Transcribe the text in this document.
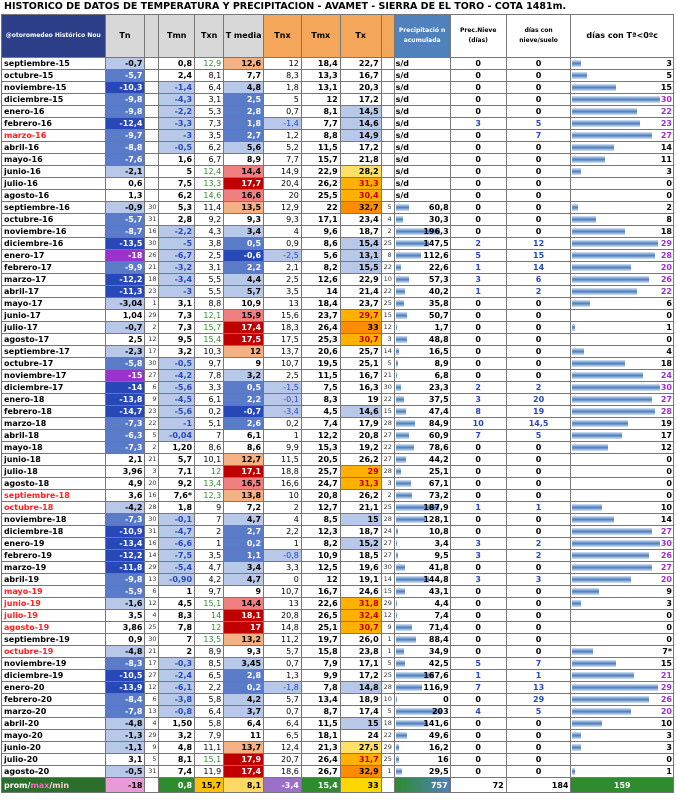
HISTORICO DE DATOS DE TEMPERATURA Y PRECIPITACION - AVAMET - SIERRA DE EL TORO - COTA 1481m.
@otoromedeo Histórico Nou	Tn		Tmn	Txn	T media	Tnx	Tmx	Tx		Precipitació n acumulada	Prec.Nieve (días)	días con nieve/suelo	días con Tª<0ºc
septiembre-15	-0,7		0,8	12,9	12,6	12	18,4	22,7		s/d	0	0	3
octubre-15	-5,7		2,4	8,1	7,7	8,3	13,3	16,7		s/d	0	0	5
noviembre-15	-10,3		-1,4	6,4	4,8	1,8	13,1	20,3		s/d	0	0	15
diciembre-15	-9,8		-4,3	3,1	2,5	5	12	17,2		s/d	0	0	30
enero-16	-9,8		-2,2	5,3	2,8	0,7	8,1	14,5		s/d	0	0	22
febrero-16	-12,4		-3,3	7,3	1,8	-1,4	7,7	14,6		s/d	3	5	23
marzo-16	-9,7		-3	3,5	2,7	1,2	8,8	14,9		s/d	0	7	27
abril-16	-8,8		-0,5	6,2	5,6	5,2	11,5	17,2		s/d	0	0	14
mayo-16	-7,6		1,6	6,7	8,9	7,7	15,7	21,8		s/d	0	0	11
junio-16	-2,1		5	12,4	14,4	14,9	22,9	28,2		s/d	0	0	3
julio-16	0,6		7,5	13,3	17,7	20,4	26,2	31,3		s/d	0	0	0
agosto-16	1,3		6,2	14,6	16,6	20	25,5	30,4		s/d	0	0	0
septiembre-16	-0,9	30	5,3	11,4	13,5	12,9	22	32,7	5	60,8	0	0	2
octubre-16	-5,7	31	2,8	9,2	9,3	9,3	17,1	23,4	4	30,3	0	0	8
noviembre-16	-8,7	16	-2,2	4,3	3,4	4	9,6	18,7	2	196,3	0	0	18
diciembre-16	-13,5	30	-5	3,8	0,5	0,9	8,6	15,4	25	147,5	2	12	29
enero-17	-18	26	-6,7	2,5	-0,6	-2,5	5,6	13,1	8	112,6	5	15	28
febrero-17	-9,9	21	-3,2	3,1	2,2	2,1	8,2	15,5	22	22,6	1	14	20
marzo-17	-12,2	18	-3,4	5,5	4,4	2,5	12,6	22,9	10	57,3	3	6	26
abril-17	-11,3	23	-3	5,5	5,7	3,5	14	21,4	22	40,2	1	2	22
mayo-17	-3,04	1	3,1	8,8	10,9	13	18,4	23,7	25	35,8	0	0	6
junio-17	1,04	29	7,3	12,1	15,9	15,6	23,7	29,7	15	50,7	0	0	0
julio-17	-0,7	2	7,3	15,7	17,4	18,3	26,4	33	12	1,7	0	0	1
agosto-17	2,5	12	9,5	15,4	17,5	17,5	25,3	30,7	3	48,8	0	0	0
septiembre-17	-2,3	17	3,2	10,3	12	13,7	20,6	25,7	14	16,5	0	0	4
octubre-17	-5,8	30	-0,5	9,7	9	10,7	19,5	25,1	5	8,9	0	0	18
noviembre-17	-15	27	-4,2	7,8	3,2	2,5	11,5	16,7	21	6,8	0	0	24
diciembre-17	-14	6	-5,6	3,3	0,5	-1,5	7,5	16,3	30	23,3	2	2	30
enero-18	-13,8	9	-4,5	6,1	2,2	-0,1	8,3	19	22	37,5	3	20	27
febrero-18	-14,7	23	-5,6	0,2	-0,7	-3,4	4,5	14,6	15	47,4	8	19	28
marzo-18	-7,3	22	-1	5,1	2,6	0,2	7,4	17,9	28	84,9	10	14,5	19
abril-18	-6,3	5	-0,04	7	6,1	1	12,2	20,8	27	60,9	7	5	17
mayo-18	-7,3	2	1,20	8,6	8,6	9,9	15,3	19,2	22	78,6	0	0	12
junio-18	2,1	21	5,7	10,1	12,7	11,5	20,5	26,2	27	44,2	0	0	0
julio-18	3,96	3	7,1	12	17,1	18,8	25,7	29	28	25,1	0	0	0
agosto-18	4,9	20	9,2	13,4	16,5	16,6	24,7	31,3	3	67,1	0	0	0
septiembre-18	3,6	16	7,6*	12,3	13,8	10	20,8	26,2	2	73,2	0	0	0
octubre-18	-4,2	28	1,8	9	7,2	2	12,7	21,1	25	187,9	1	1	10
noviembre-18	-7,3	30	-0,1	7	4,7	4	8,5	15	28	128,1	0	0	14
diciembre-18	-10,9	31	-4,7	2	2,7	2,2	12,3	18,7	24	10,8	0	0	27
enero-19	-13,4	16	-6,6	1	0,2	1	8,2	15,2	27	3,4	3	2	30
febrero-19	-12,2	14	-7,5	3,5	1,1	-0,8	10,9	18,5	27	9,5	3	2	26
marzo-19	-11,8	29	-5,4	4,7	3,4	3,3	12,5	19,6	30	41,8	0	0	27
abril-19	-9,8	13	-0,90	4,2	4,7	0	12	19,1	14	144,8	3	3	20
mayo-19	-5,9	6	1	9,7	9	10,7	16,7	24,6	15	43,1	0	0	9
junio-19	-1,6	12	4,5	15,1	14,4	13	22,6	31,8	29	4,4	0	0	3
julio-19	3,5	4	8,3	14	18,1	20,8	26,5	32,4	12	7,4	0	0	0
agosto-19	3,86	25	7,8	12	17	14,8	25,1	30,7	9	71,4	0	0	0
septiembre-19	0,9	30	7	13,5	13,2	11,2	19,7	26,0	1	88,4	0	0	0
octubre-19	-4,8	21	2	8,9	9,3	5,7	15,8	23,8	1	34,9	0	0	7*
noviembre-19	-8,3	17	-0,3	8,5	3,45	0,7	7,9	17,1	5	42,5	5	7	15
diciembre-19	-10,5	27	-2,4	6,5	2,8	1,3	9,9	17,2	25	167,6	1	1	21
enero-20	-13,9	12	-6,1	2,2	0,2	-1,8	7,8	14,8	28	116,9	7	13	29
febrero-20	-8,4	6	-3,8	5,8	4,2	5,7	13,4	18,9	10	0	0	29	26
marzo-20	-7,8	13	-0,8	6,4	3,7	0,7	8,7	17,4	5	203	4	5	20
abril-20	-4,8	4	1,50	5,8	6,4	6,4	11,5	15	18	141,6	0	0	10
mayo-20	-1,3	29	3,2	7,9	11	6,5	18,1	24	22	49,6	0	0	3
junio-20	-1,1	9	4,8	11,1	13,7	12,4	21,3	27,5	29	16,2	0	0	3
julio-20	3,1	5	8,1	15,1	17,9	20,7	26,4	31,7	25	16	0	0	0
agosto-20	-0,5	31	7,4	11,9	17,4	18,6	26,7	32,9	1	29,5	0	0	1
prom/max/min	-18		0,8	15,7	8,1	-3,4	15,4	33		757	72	184	159
